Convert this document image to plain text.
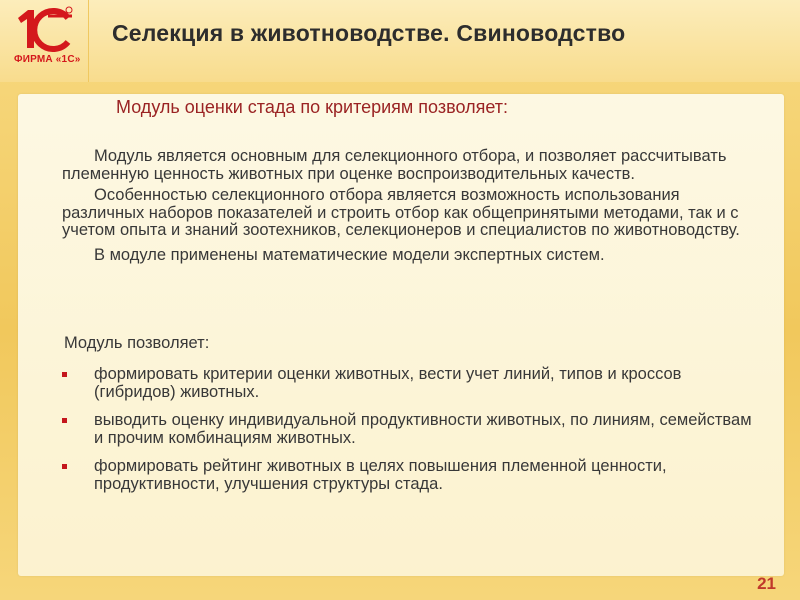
ФИРМА «1С»
Селекция в животноводстве. Свиноводство
Модуль оценки стада по критериям позволяет:

Модуль является основным для селекционного отбора, и позволяет рассчитывать племенную ценность животных при оценке воспроизводительных качеств.

Особенностью селекционного отбора является возможность использования различных наборов показателей и строить отбор как общепринятыми методами, так и с учетом опыта и знаний зоотехников, селекционеров и специалистов по животноводству.

В модуле применены математические модели экспертных систем.

Модуль позволяет:
формировать критерии оценки животных, вести учет линий, типов и кроссов (гибридов) животных.
выводить оценку индивидуальной продуктивности животных, по линиям, семействам и прочим комбинациям животных.
формировать рейтинг животных в целях повышения племенной ценности, продуктивности, улучшения структуры стада.
21
